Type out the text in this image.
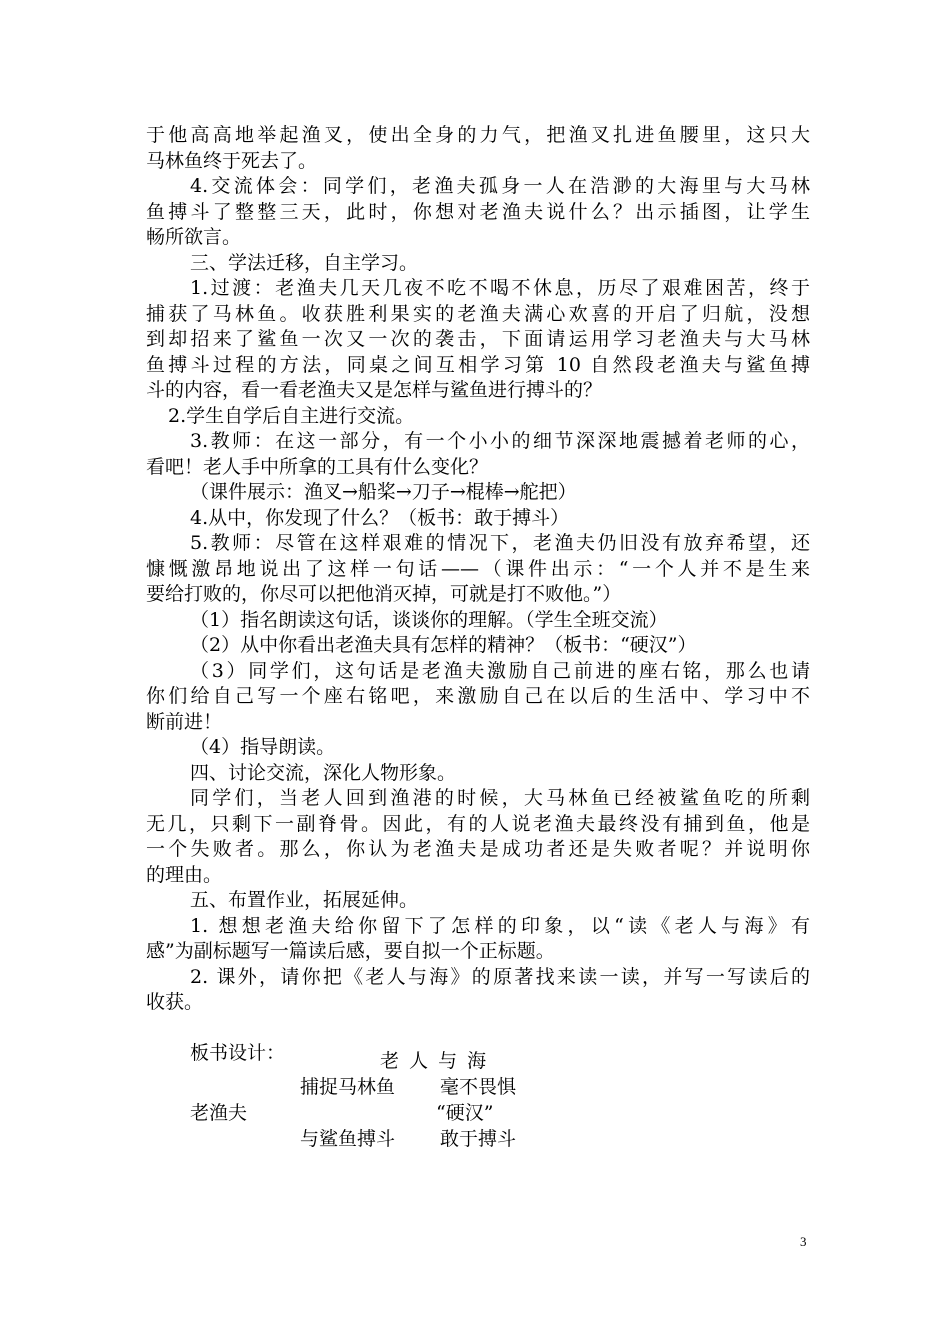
于他高高地举起渔叉，使出全身的力气，把渔叉扎进鱼腰里，这只大
马林鱼终于死去了。
4.交流体会：同学们，老渔夫孤身一人在浩渺的大海里与大马林
鱼搏斗了整整三天，此时，你想对老渔夫说什么？出示插图，让学生
畅所欲言。
三、学法迁移，自主学习。
1.过渡：老渔夫几天几夜不吃不喝不休息，历尽了艰难困苦，终于
捕获了马林鱼。收获胜利果实的老渔夫满心欢喜的开启了归航，没想
到却招来了鲨鱼一次又一次的袭击，下面请运用学习老渔夫与大马林
鱼搏斗过程的方法，同桌之间互相学习第 10 自然段老渔夫与鲨鱼搏
斗的内容，看一看老渔夫又是怎样与鲨鱼进行搏斗的？
2.学生自学后自主进行交流。
3.教师：在这一部分，有一个小小的细节深深地震撼着老师的心，
看吧！老人手中所拿的工具有什么变化？
（课件展示：渔叉→船桨→刀子→棍棒→舵把）
4.从中，你发现了什么？（板书：敢于搏斗）
5.教师：尽管在这样艰难的情况下，老渔夫仍旧没有放弃希望，还
慷慨激昂地说出了这样一句话——（课件出示：“一个人并不是生来
要给打败的，你尽可以把他消灭掉，可就是打不败他。”）
（1）指名朗读这句话，谈谈你的理解。（学生全班交流）
（2）从中你看出老渔夫具有怎样的精神？（板书：“硬汉”）
（3）同学们，这句话是老渔夫激励自己前进的座右铭，那么也请
你们给自己写一个座右铭吧，来激励自己在以后的生活中、学习中不
断前进！
（4）指导朗读。
四、讨论交流，深化人物形象。
同学们，当老人回到渔港的时候，大马林鱼已经被鲨鱼吃的所剩
无几，只剩下一副脊骨。因此，有的人说老渔夫最终没有捕到鱼，他是
一个失败者。那么，你认为老渔夫是成功者还是失败者呢？并说明你
的理由。
五、布置作业，拓展延伸。
1. 想想老渔夫给你留下了怎样的印象，以“读《老人与海》有
感”为副标题写一篇读后感，要自拟一个正标题。
2. 课外，请你把《老人与海》的原著找来读一读，并写一写读后的
收获。
板书设计：	老 人 与 海
捕捉马林鱼 毫不畏惧
老渔夫	“硬汉”
与鲨鱼搏斗 敢于搏斗
3
